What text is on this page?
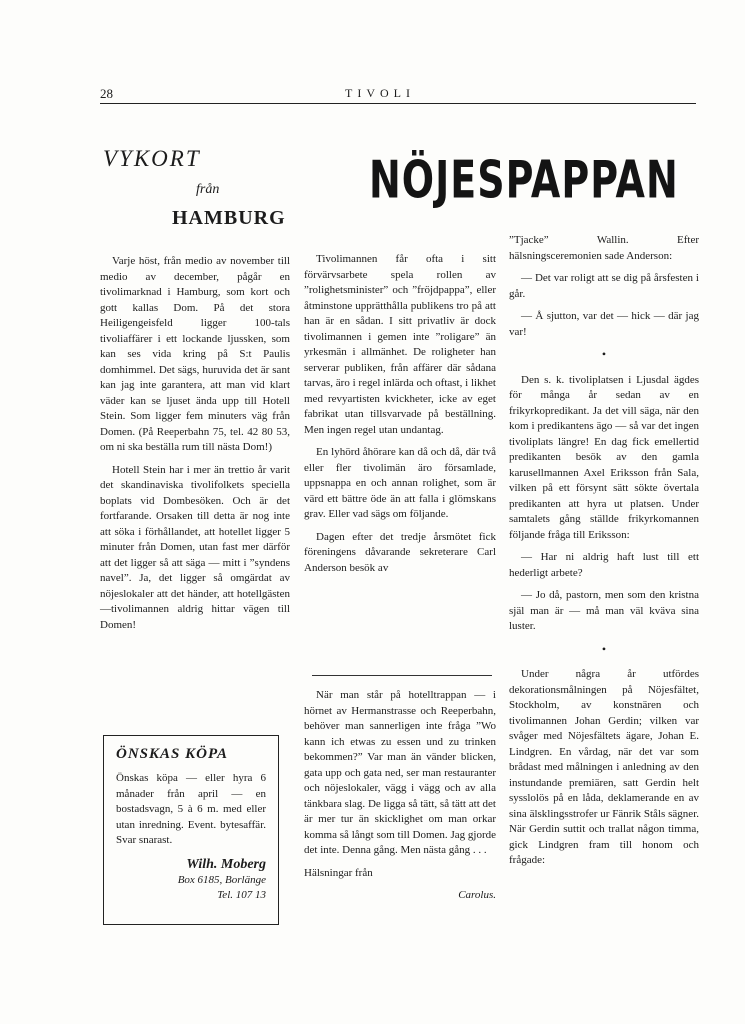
28	TIVOLI
VYKORT
från
HAMBURG
NÖJESPAPPAN

Varje höst, från medio av november till medio av december, pågår en tivolimarknad i Hamburg, som kort och gott kallas Dom. På det stora Heiligengeisfeld ligger 100-tals tivoliaffärer i ett lockande ljussken, som kan ses vida kring på S:t Paulis domhimmel. Det sägs, huruvida det är sant kan jag inte garantera, att man vid klart väder kan se ljuset ända upp till Hotell Stein. Som ligger fem minuters väg från Domen. (På Reeperbahn 75, tel. 42 80 53, om ni ska beställa rum till nästa Dom!)

Hotell Stein har i mer än trettio år varit det skandinaviska tivolifolkets speciella boplats vid Dombesöken. Och är det fortfarande. Orsaken till detta är nog inte att söka i förhållandet, att hotellet ligger 5 minuter från Domen, utan fast mer därför att det ligger så att säga — mitt i ”syndens navel”. Ja, det ligger så omgärdat av nöjeslokaler att det händer, att hotellgästen—tivolimannen aldrig hittar vägen till Domen!

ÖNSKAS KÖPA
Önskas köpa — eller hyra 6 månader från april — en bostadsvagn, 5 à 6 m. med eller utan inredning. Event. bytesaffär. Svar snarast.
Wilh. Moberg
Box 6185, Borlänge
Tel. 107 13

Tivolimannen får ofta i sitt förvärvsarbete spela rollen av ”rolighetsminister” och ”fröjdpappa”, eller åtminstone upprätthålla publikens tro på att han är en sådan. I sitt privatliv är dock tivolimannen i gemen inte ”roligare” än yrkesmän i allmänhet. De roligheter han serverar publiken, från affärer där sådana tarvas, äro i regel inlärda och oftast, i likhet med revyartisten kvickheter, icke av eget fabrikat utan tillsvarvade på beställning. Men ingen regel utan undantag.

En lyhörd åhörare kan då och då, där två eller fler tivolimän äro församlade, uppsnappa en och annan rolighet, som är värd ett bättre öde än att falla i glömskans grav. Eller vad sägs om följande.

Dagen efter det tredje årsmötet fick föreningens dåvarande sekreterare Carl Anderson besök av

När man står på hotelltrappan — i hörnet av Hermanstrasse och Reeperbahn, behöver man sannerligen inte fråga ”Wo kann ich etwas zu essen und zu trinken bekommen?” Var man än vänder blicken, gata upp och gata ned, ser man restauranter och nöjeslokaler, vägg i vägg och av alla tänkbara slag. De ligga så tätt, så tätt att det är mer tur än skicklighet om man orkar komma så långt som till Domen. Jag gjorde det inte. Denna gång. Men nästa gång . . .

Hälsningar från

Carolus.

”Tjacke” Wallin. Efter hälsningsceremonien sade Anderson:

— Det var roligt att se dig på årsfesten i går.

— Å sjutton, var det — hick — där jag var!

•

Den s. k. tivoliplatsen i Ljusdal ägdes för många år sedan av en frikyrkopredikant. Ja det vill säga, när den kom i predikantens ägo — så var det ingen tivoliplats längre! En dag fick emellertid predikanten besök av den gamla karusellmannen Axel Eriksson från Sala, vilken på ett försynt sätt sökte övertala predikanten att hyra ut platsen. Under samtalets gång ställde frikyrkomannen följande fråga till Eriksson:

— Har ni aldrig haft lust till ett hederligt arbete?

— Jo då, pastorn, men som den kristna själ man är — må man väl kväva sina luster.

•

Under några år utfördes dekorationsmålningen på Nöjesfältet, Stockholm, av konstnären och tivolimannen Johan Gerdin; vilken var svåger med Nöjesfältets ägare, Johan E. Lindgren. En vårdag, när det var som brådast med målningen i anledning av den instundande premiären, satt Gerdin helt sysslolös på en låda, deklamerande en av sina älsklingsstrofer ur Fänrik Ståls sägner. När Gerdin suttit och trallat någon timma, gick Lindgren fram till honom och frågade:
